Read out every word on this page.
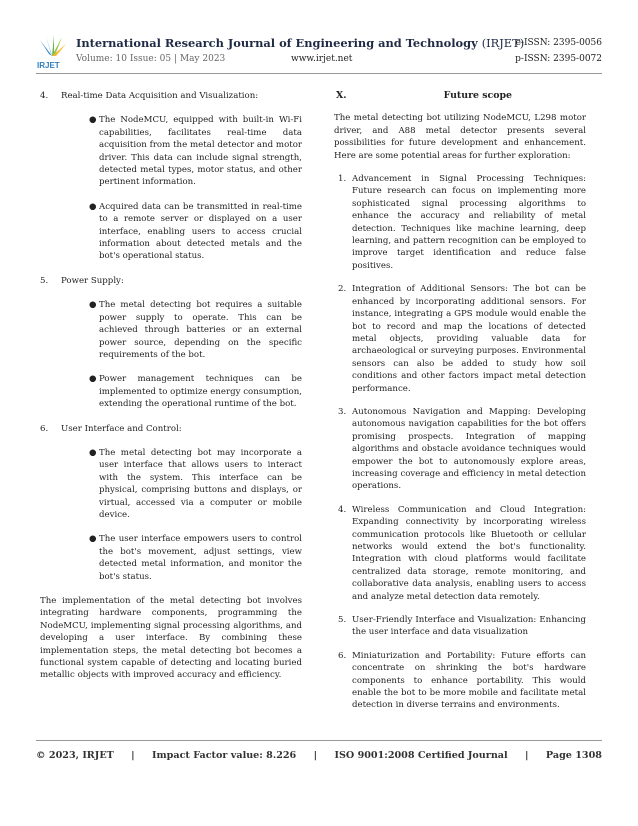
IRJET
International Research Journal of Engineering and Technology (IRJET)
e-ISSN: 2395-0056
Volume: 10 Issue: 05 | May 2023	www.irjet.net	p-ISSN: 2395-0072
4. Real-time Data Acquisition and Visualization:
● The NodeMCU, equipped with built-in Wi-Fi capabilities, facilitates real-time data acquisition from the metal detector and motor driver. This data can include signal strength, detected metal types, motor status, and other pertinent information.
● Acquired data can be transmitted in real-time to a remote server or displayed on a user interface, enabling users to access crucial information about detected metals and the bot's operational status.
5. Power Supply:
● The metal detecting bot requires a suitable power supply to operate. This can be achieved through batteries or an external power source, depending on the specific requirements of the bot.
● Power management techniques can be implemented to optimize energy consumption, extending the operational runtime of the bot.
6. User Interface and Control:
● The metal detecting bot may incorporate a user interface that allows users to interact with the system. This interface can be physical, comprising buttons and displays, or virtual, accessed via a computer or mobile device.
● The user interface empowers users to control the bot's movement, adjust settings, view detected metal information, and monitor the bot's status.

The implementation of the metal detecting bot involves integrating hardware components, programming the NodeMCU, implementing signal processing algorithms, and developing a user interface. By combining these implementation steps, the metal detecting bot becomes a functional system capable of detecting and locating buried metallic objects with improved accuracy and efficiency.

X.	Future scope

The metal detecting bot utilizing NodeMCU, L298 motor driver, and A88 metal detector presents several possibilities for future development and enhancement. Here are some potential areas for further exploration:

1. Advancement in Signal Processing Techniques: Future research can focus on implementing more sophisticated signal processing algorithms to enhance the accuracy and reliability of metal detection. Techniques like machine learning, deep learning, and pattern recognition can be employed to improve target identification and reduce false positives.
2. Integration of Additional Sensors: The bot can be enhanced by incorporating additional sensors. For instance, integrating a GPS module would enable the bot to record and map the locations of detected metal objects, providing valuable data for archaeological or surveying purposes. Environmental sensors can also be added to study how soil conditions and other factors impact metal detection performance.
3. Autonomous Navigation and Mapping: Developing autonomous navigation capabilities for the bot offers promising prospects. Integration of mapping algorithms and obstacle avoidance techniques would empower the bot to autonomously explore areas, increasing coverage and efficiency in metal detection operations.
4. Wireless Communication and Cloud Integration: Expanding connectivity by incorporating wireless communication protocols like Bluetooth or cellular networks would extend the bot's functionality. Integration with cloud platforms would facilitate centralized data storage, remote monitoring, and collaborative data analysis, enabling users to access and analyze metal detection data remotely.
5. User-Friendly Interface and Visualization: Enhancing the user interface and data visualization
6. Miniaturization and Portability: Future efforts can concentrate on shrinking the bot's hardware components to enhance portability. This would enable the bot to be more mobile and facilitate metal detection in diverse terrains and environments.
© 2023, IRJET | Impact Factor value: 8.226 | ISO 9001:2008 Certified Journal | Page 1308
